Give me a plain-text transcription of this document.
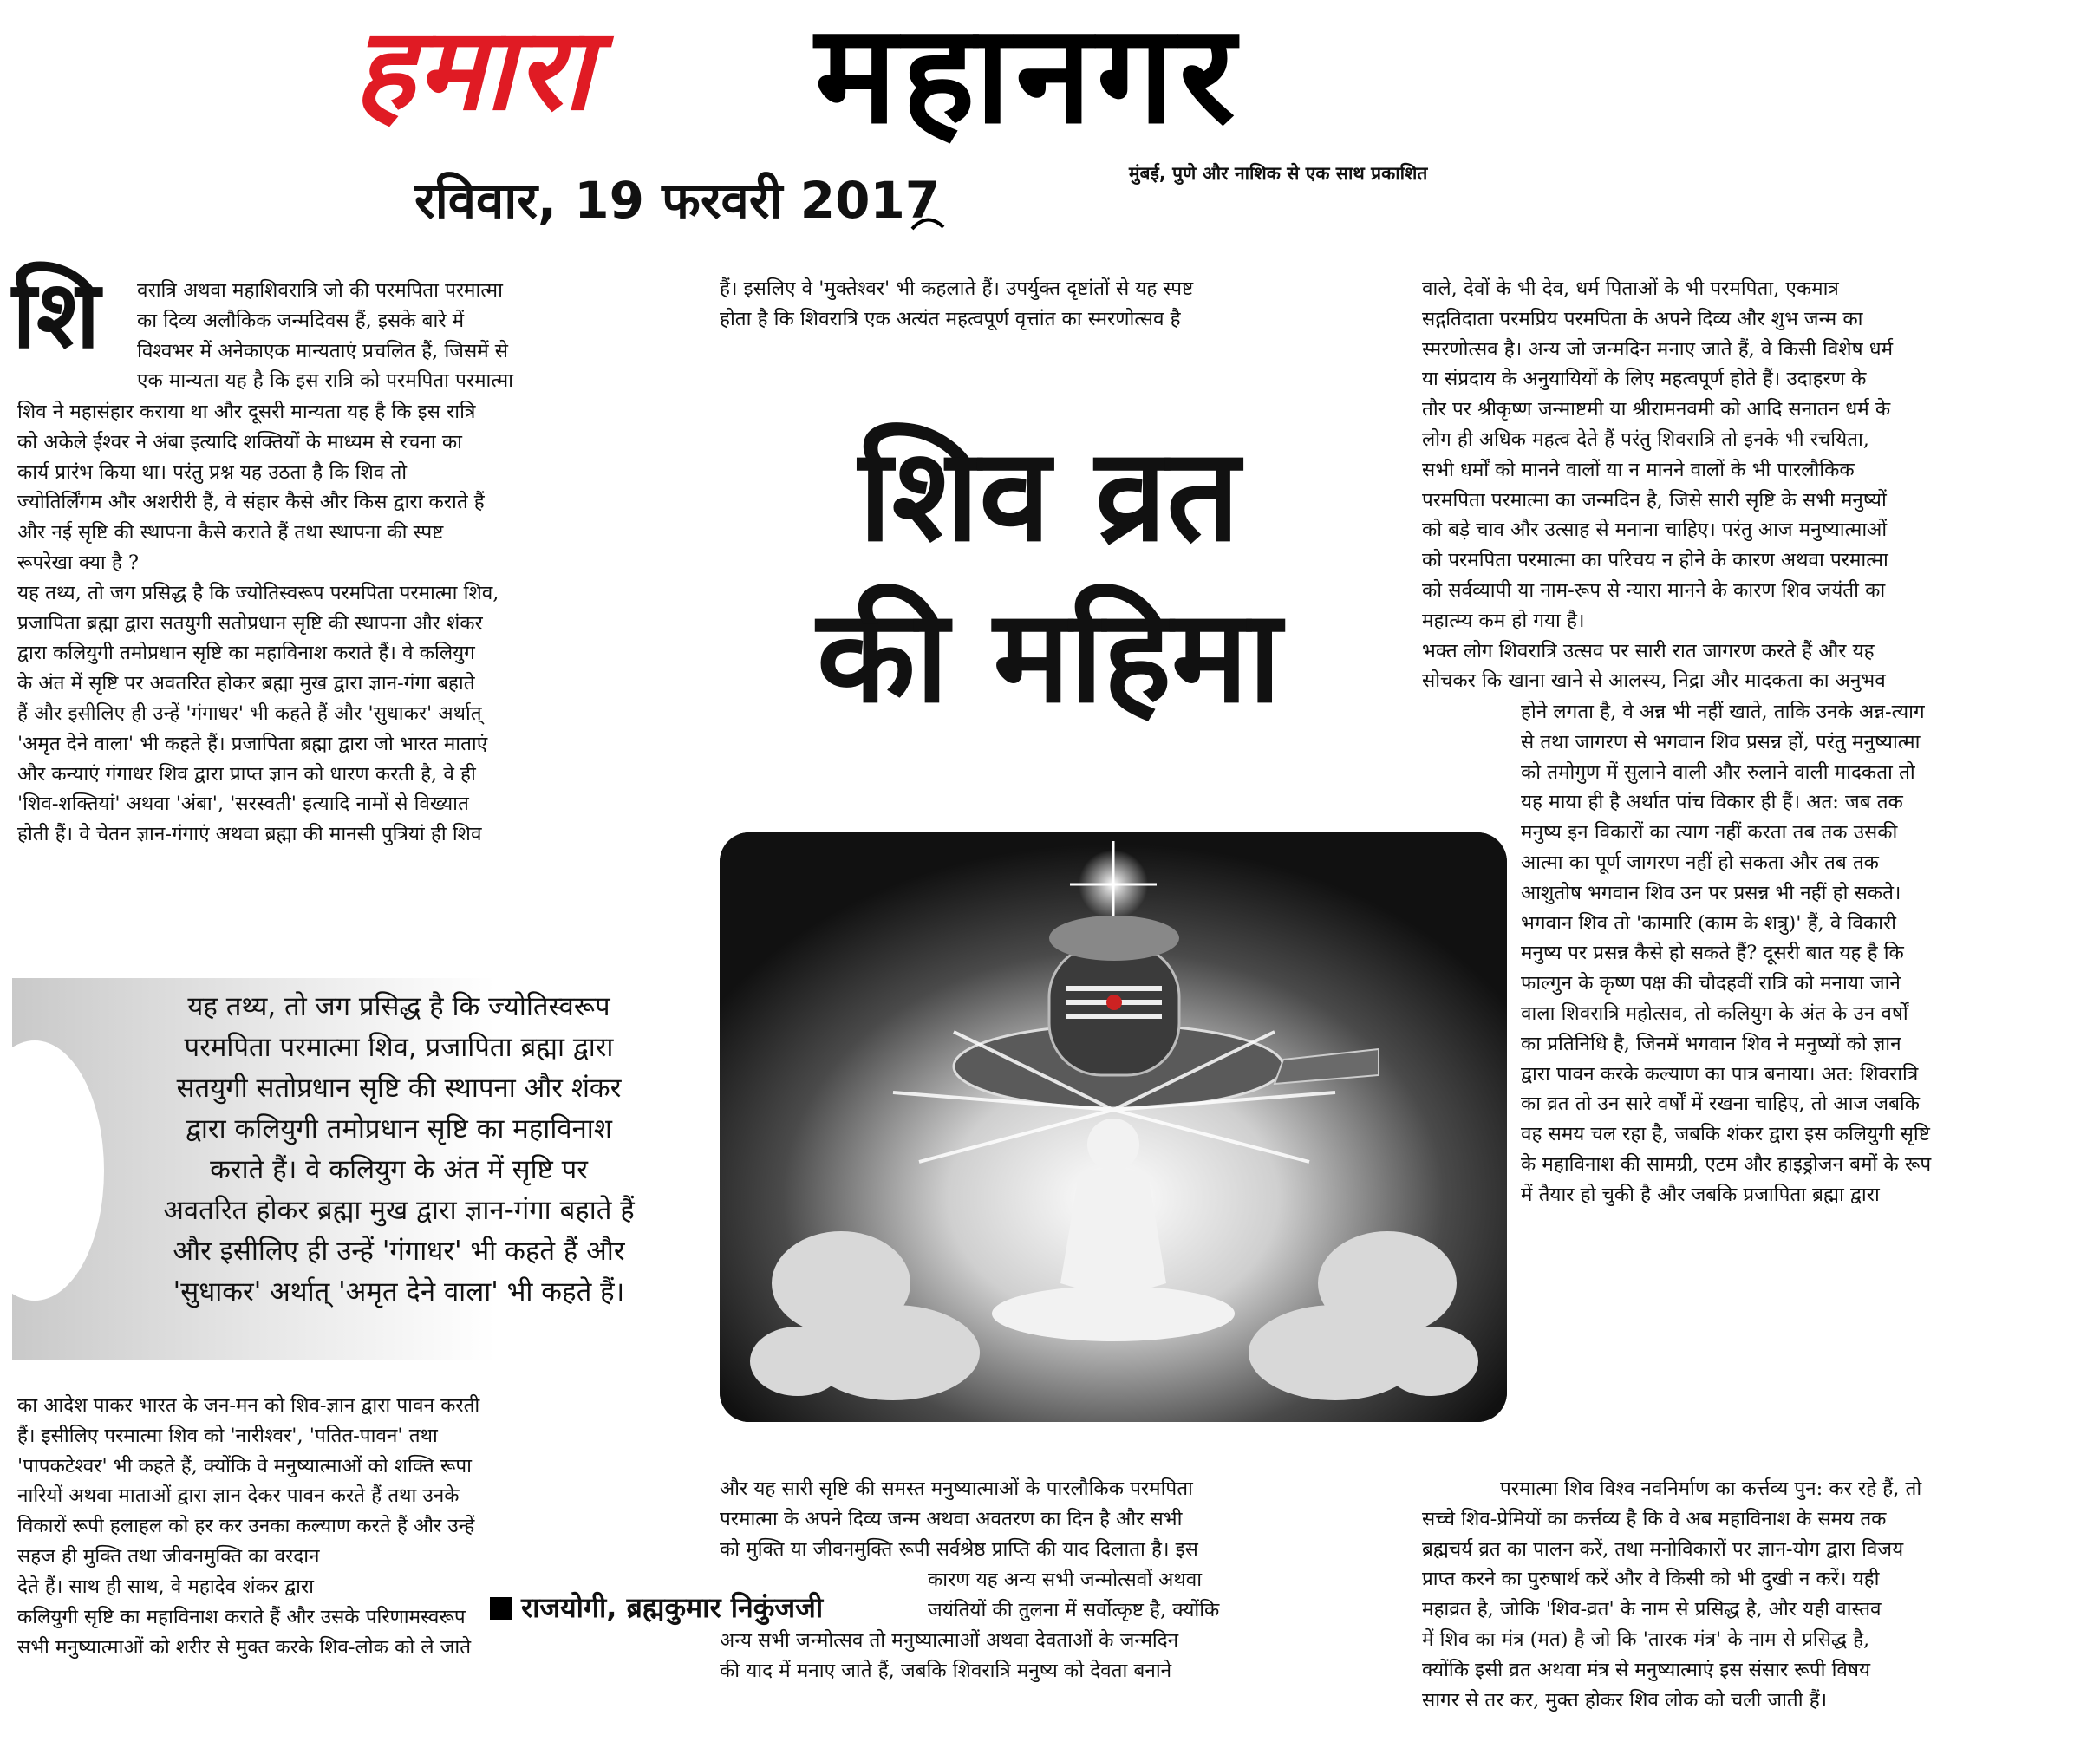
हमारा महानगर
रविवार, 19 फरवरी 2017	मुंबई, पुणे और नाशिक से एक साथ प्रकाशित
शि वरात्रि अथवा महाशिवरात्रि जो की परमपिता परमात्मा

का दिव्य अलौकिक जन्मदिवस हैं, इसके बारे में

विश्वभर में अनेकाएक मान्यताएं प्रचलित हैं, जिसमें से

एक मान्यता यह है कि इस रात्रि को परमपिता परमात्मा

शिव ने महासंहार कराया था और दूसरी मान्यता यह है कि इस रात्रि

को अकेले ईश्वर ने अंबा इत्यादि शक्तियों के माध्यम से रचना का

कार्य प्रारंभ किया था। परंतु प्रश्न यह उठता है कि शिव तो

ज्योतिर्लिंगम और अशरीरी हैं, वे संहार कैसे और किस द्वारा कराते हैं

और नई सृष्टि की स्थापना कैसे कराते हैं तथा स्थापना की स्पष्ट

रूपरेखा क्या है ?

यह तथ्य, तो जग प्रसिद्ध है कि ज्योतिस्वरूप परमपिता परमात्मा शिव,

प्रजापिता ब्रह्मा द्वारा सतयुगी सतोप्रधान सृष्टि की स्थापना और शंकर

द्वारा कलियुगी तमोप्रधान सृष्टि का महाविनाश कराते हैं। वे कलियुग

के अंत में सृष्टि पर अवतरित होकर ब्रह्मा मुख द्वारा ज्ञान-गंगा बहाते

हैं और इसीलिए ही उन्हें 'गंगाधर' भी कहते हैं और 'सुधाकर' अर्थात्

'अमृत देने वाला' भी कहते हैं। प्रजापिता ब्रह्मा द्वारा जो भारत माताएं

और कन्याएं गंगाधर शिव द्वारा प्राप्त ज्ञान को धारण करती है, वे ही

'शिव-शक्तियां' अथवा 'अंबा', 'सरस्वती' इत्यादि नामों से विख्यात

होती हैं। वे चेतन ज्ञान-गंगाएं अथवा ब्रह्मा की मानसी पुत्रियां ही शिव

यह तथ्य, तो जग प्रसिद्ध है कि ज्योतिस्वरूप
परमपिता परमात्मा शिव, प्रजापिता ब्रह्मा द्वारा
सतयुगी सतोप्रधान सृष्टि की स्थापना और शंकर
द्वारा कलियुगी तमोप्रधान सृष्टि का महाविनाश
कराते हैं। वे कलियुग के अंत में सृष्टि पर
अवतरित होकर ब्रह्मा मुख द्वारा ज्ञान-गंगा बहाते हैं
और इसीलिए ही उन्हें 'गंगाधर' भी कहते हैं और
'सुधाकर' अर्थात् 'अमृत देने वाला' भी कहते हैं।

का आदेश पाकर भारत के जन-मन को शिव-ज्ञान द्वारा पावन करती

हैं। इसीलिए परमात्मा शिव को 'नारीश्वर', 'पतित-पावन' तथा

'पापकटेश्वर' भी कहते हैं, क्योंकि वे मनुष्यात्माओं को शक्ति रूपा

नारियों अथवा माताओं द्वारा ज्ञान देकर पावन करते हैं तथा उनके

विकारों रूपी हलाहल को हर कर उनका कल्याण करते हैं और उन्हें

सहज ही मुक्ति तथा जीवनमुक्ति का वरदान

देते हैं। साथ ही साथ, वे महादेव शंकर द्वारा

कलियुगी सृष्टि का महाविनाश कराते हैं और उसके परिणामस्वरूप

सभी मनुष्यात्माओं को शरीर से मुक्त करके शिव-लोक को ले जाते

हैं। इसलिए वे 'मुक्तेश्वर' भी कहलाते हैं। उपर्युक्त दृष्टांतों से यह स्पष्ट

होता है कि शिवरात्रि एक अत्यंत महत्वपूर्ण वृत्तांत का स्मरणोत्सव है

शिव व्रत
की महिमा

और यह सारी सृष्टि की समस्त मनुष्यात्माओं के पारलौकिक परमपिता

परमात्मा के अपने दिव्य जन्म अथवा अवतरण का दिन है और सभी

को मुक्ति या जीवनमुक्ति रूपी सर्वश्रेष्ठ प्राप्ति की याद दिलाता है। इस

कारण यह अन्य सभी जन्मोत्सवों अथवा

जयंतियों की तुलना में सर्वोत्कृष्ट है, क्योंकि

अन्य सभी जन्मोत्सव तो मनुष्यात्माओं अथवा देवताओं के जन्मदिन

की याद में मनाए जाते हैं, जबकि शिवरात्रि मनुष्य को देवता बनाने

राजयोगी, ब्रह्मकुमार निकुंजजी

वाले, देवों के भी देव, धर्म पिताओं के भी परमपिता, एकमात्र

सद्गतिदाता परमप्रिय परमपिता के अपने दिव्य और शुभ जन्म का

स्मरणोत्सव है। अन्य जो जन्मदिन मनाए जाते हैं, वे किसी विशेष धर्म

या संप्रदाय के अनुयायियों के लिए महत्वपूर्ण होते हैं। उदाहरण के

तौर पर श्रीकृष्ण जन्माष्टमी या श्रीरामनवमी को आदि सनातन धर्म के

लोग ही अधिक महत्व देते हैं परंतु शिवरात्रि तो इनके भी रचयिता,

सभी धर्मों को मानने वालों या न मानने वालों के भी पारलौकिक

परमपिता परमात्मा का जन्मदिन है, जिसे सारी सृष्टि के सभी मनुष्यों

को बड़े चाव और उत्साह से मनाना चाहिए। परंतु आज मनुष्यात्माओं

को परमपिता परमात्मा का परिचय न होने के कारण अथवा परमात्मा

को सर्वव्यापी या नाम-रूप से न्यारा मानने के कारण शिव जयंती का

महात्म्य कम हो गया है।

भक्त लोग शिवरात्रि उत्सव पर सारी रात जागरण करते हैं और यह

सोचकर कि खाना खाने से आलस्य, निद्रा और मादकता का अनुभव

होने लगता है, वे अन्न भी नहीं खाते, ताकि उनके अन्न-त्याग

से तथा जागरण से भगवान शिव प्रसन्न हों, परंतु मनुष्यात्मा

को तमोगुण में सुलाने वाली और रुलाने वाली मादकता तो

यह माया ही है अर्थात पांच विकार ही हैं। अत: जब तक

मनुष्य इन विकारों का त्याग नहीं करता तब तक उसकी

आत्मा का पूर्ण जागरण नहीं हो सकता और तब तक

आशुतोष भगवान शिव उन पर प्रसन्न भी नहीं हो सकते।

भगवान शिव तो 'कामारि (काम के शत्रु)' हैं, वे विकारी

मनुष्य पर प्रसन्न कैसे हो सकते हैं? दूसरी बात यह है कि

फाल्गुन के कृष्ण पक्ष की चौदहवीं रात्रि को मनाया जाने

वाला शिवरात्रि महोत्सव, तो कलियुग के अंत के उन वर्षों

का प्रतिनिधि है, जिनमें भगवान शिव ने मनुष्यों को ज्ञान

द्वारा पावन करके कल्याण का पात्र बनाया। अत: शिवरात्रि

का व्रत तो उन सारे वर्षों में रखना चाहिए, तो आज जबकि

वह समय चल रहा है, जबकि शंकर द्वारा इस कलियुगी सृष्टि

के महाविनाश की सामग्री, एटम और हाइड्रोजन बमों के रूप

में तैयार हो चुकी है और जबकि प्रजापिता ब्रह्मा द्वारा

परमात्मा शिव विश्व नवनिर्माण का कर्त्तव्य पुन: कर रहे हैं, तो

सच्चे शिव-प्रेमियों का कर्त्तव्य है कि वे अब महाविनाश के समय तक

ब्रह्मचर्य व्रत का पालन करें, तथा मनोविकारों पर ज्ञान-योग द्वारा विजय

प्राप्त करने का पुरुषार्थ करें और वे किसी को भी दुखी न करें। यही

महाव्रत है, जोकि 'शिव-व्रत' के नाम से प्रसिद्ध है, और यही वास्तव

में शिव का मंत्र (मत) है जो कि 'तारक मंत्र' के नाम से प्रसिद्ध है,

क्योंकि इसी व्रत अथवा मंत्र से मनुष्यात्माएं इस संसार रूपी विषय

सागर से तर कर, मुक्त होकर शिव लोक को चली जाती हैं।
